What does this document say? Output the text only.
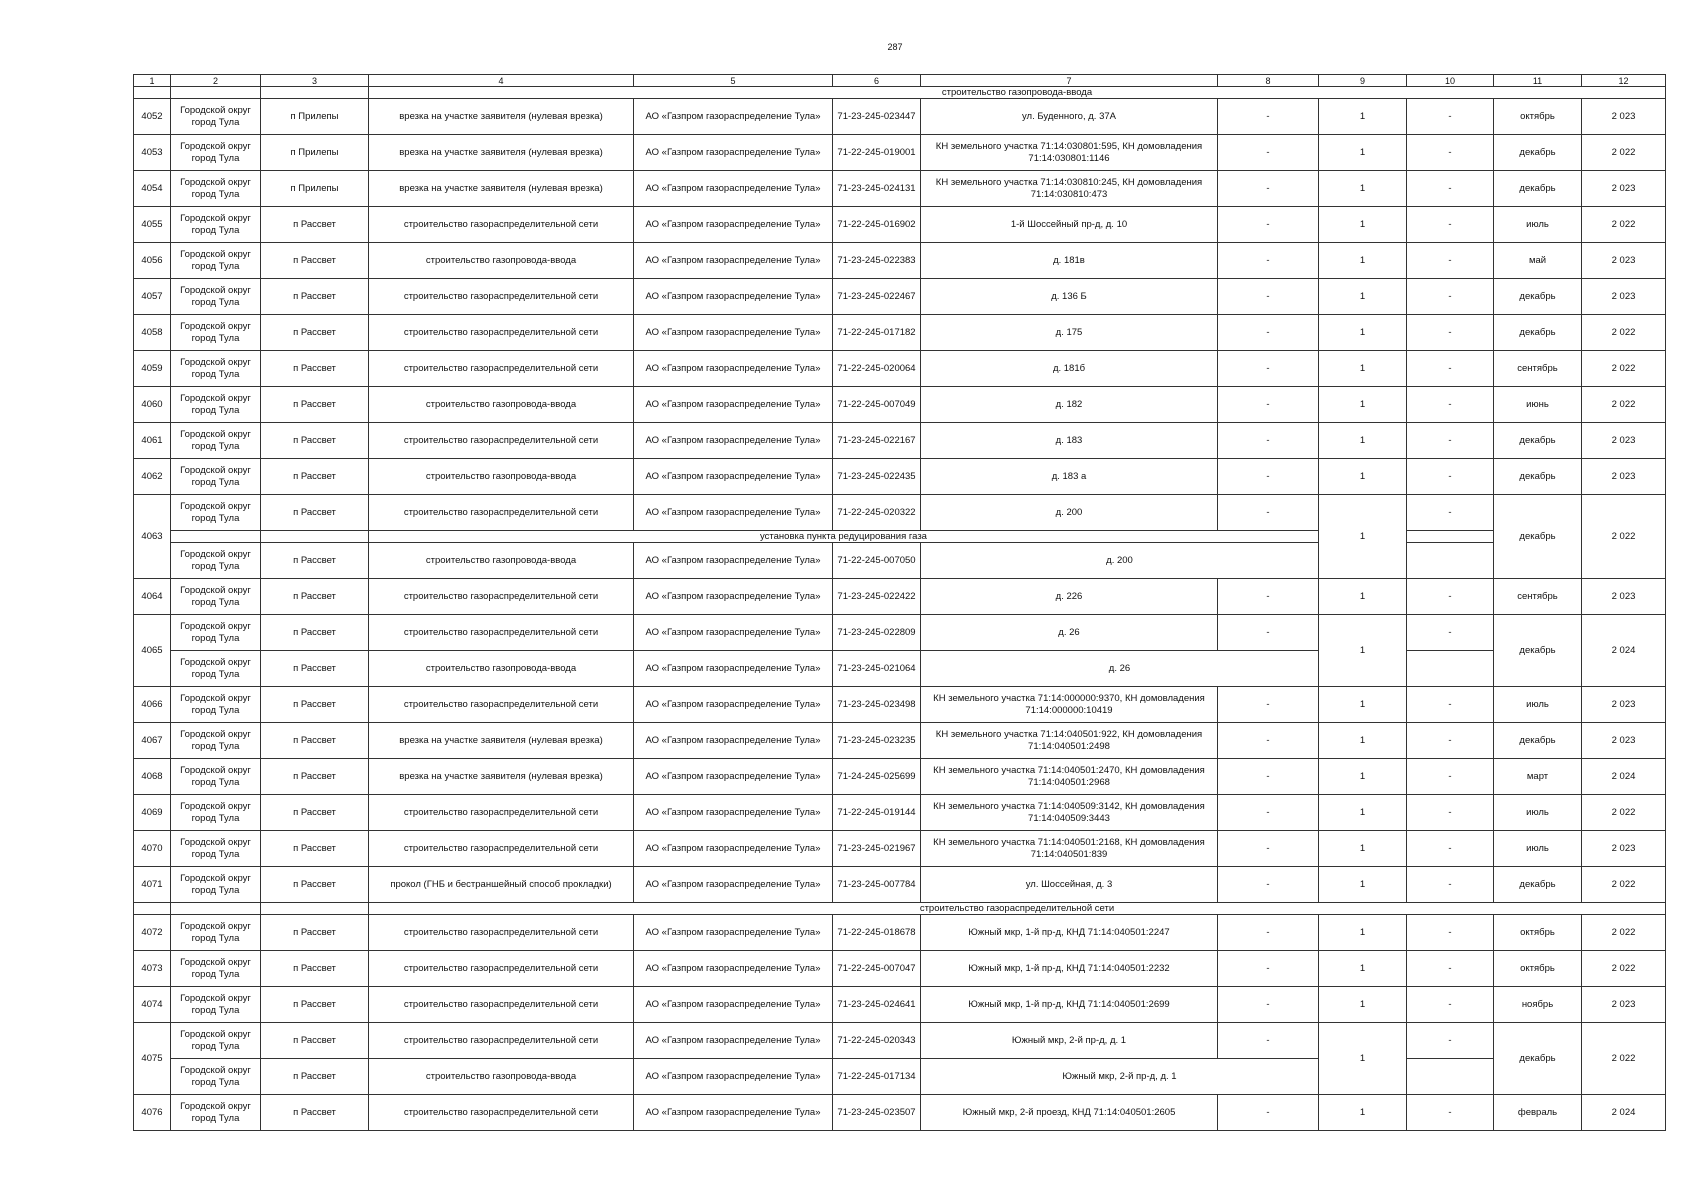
287
1	2	3	4	5	6	7	8	9	10	11	12
			строительство газопровода-ввода								
4052	Городской округ город Тула	п Прилепы	врезка на участке заявителя (нулевая врезка)	АО «Газпром газораспределение Тула»	71-23-245-023447	ул. Буденного, д. 37А	-	1	-	октябрь	2 023
4053	Городской округ город Тула	п Прилепы	врезка на участке заявителя (нулевая врезка)	АО «Газпром газораспределение Тула»	71-22-245-019001	КН земельного участка 71:14:030801:595, КН домовладения 71:14:030801:1146	-	1	-	декабрь	2 022
4054	Городской округ город Тула	п Прилепы	врезка на участке заявителя (нулевая врезка)	АО «Газпром газораспределение Тула»	71-23-245-024131	КН земельного участка 71:14:030810:245, КН домовладения 71:14:030810:473	-	1	-	декабрь	2 023
4055	Городской округ город Тула	п Рассвет	строительство газораспределительной сети	АО «Газпром газораспределение Тула»	71-22-245-016902	1-й Шоссейный пр-д, д. 10	-	1	-	июль	2 022
4056	Городской округ город Тула	п Рассвет	строительство газопровода-ввода	АО «Газпром газораспределение Тула»	71-23-245-022383	д. 181в	-	1	-	май	2 023
4057	Городской округ город Тула	п Рассвет	строительство газораспределительной сети	АО «Газпром газораспределение Тула»	71-23-245-022467	д. 136 Б	-	1	-	декабрь	2 023
4058	Городской округ город Тула	п Рассвет	строительство газораспределительной сети	АО «Газпром газораспределение Тула»	71-22-245-017182	д. 175	-	1	-	декабрь	2 022
4059	Городской округ город Тула	п Рассвет	строительство газораспределительной сети	АО «Газпром газораспределение Тула»	71-22-245-020064	д. 181б	-	1	-	сентябрь	2 022
4060	Городской округ город Тула	п Рассвет	строительство газопровода-ввода	АО «Газпром газораспределение Тула»	71-22-245-007049	д. 182	-	1	-	июнь	2 022
4061	Городской округ город Тула	п Рассвет	строительство газораспределительной сети	АО «Газпром газораспределение Тула»	71-23-245-022167	д. 183	-	1	-	декабрь	2 023
4062	Городской округ город Тула	п Рассвет	строительство газопровода-ввода	АО «Газпром газораспределение Тула»	71-23-245-022435	д. 183 а	-	1	-	декабрь	2 023
4063	Городской округ город Тула	п Рассвет	строительство газораспределительной сети	АО «Газпром газораспределение Тула»	71-22-245-020322	д. 200	-	1	-	декабрь	2 022
			установка пункта редуцирования газа								
	Городской округ город Тула	п Рассвет	строительство газопровода-ввода	АО «Газпром газораспределение Тула»	71-22-245-007050	д. 200					
4064	Городской округ город Тула	п Рассвет	строительство газораспределительной сети	АО «Газпром газораспределение Тула»	71-23-245-022422	д. 226	-	1	-	сентябрь	2 023
4065	Городской округ город Тула	п Рассвет	строительство газораспределительной сети	АО «Газпром газораспределение Тула»	71-23-245-022809	д. 26	-	1	-	декабрь	2 024
	Городской округ город Тула	п Рассвет	строительство газопровода-ввода	АО «Газпром газораспределение Тула»	71-23-245-021064	д. 26					
4066	Городской округ город Тула	п Рассвет	строительство газораспределительной сети	АО «Газпром газораспределение Тула»	71-23-245-023498	КН земельного участка 71:14:000000:9370, КН домовладения 71:14:000000:10419	-	1	-	июль	2 023
4067	Городской округ город Тула	п Рассвет	врезка на участке заявителя (нулевая врезка)	АО «Газпром газораспределение Тула»	71-23-245-023235	КН земельного участка 71:14:040501:922, КН домовладения 71:14:040501:2498	-	1	-	декабрь	2 023
4068	Городской округ город Тула	п Рассвет	врезка на участке заявителя (нулевая врезка)	АО «Газпром газораспределение Тула»	71-24-245-025699	КН земельного участка 71:14:040501:2470, КН домовладения 71:14:040501:2968	-	1	-	март	2 024
4069	Городской округ город Тула	п Рассвет	строительство газораспределительной сети	АО «Газпром газораспределение Тула»	71-22-245-019144	КН земельного участка 71:14:040509:3142, КН домовладения 71:14:040509:3443	-	1	-	июль	2 022
4070	Городской округ город Тула	п Рассвет	строительство газораспределительной сети	АО «Газпром газораспределение Тула»	71-23-245-021967	КН земельного участка 71:14:040501:2168, КН домовладения 71:14:040501:839	-	1	-	июль	2 023
4071	Городской округ город Тула	п Рассвет	прокол (ГНБ и бестраншейный способ прокладки)	АО «Газпром газораспределение Тула»	71-23-245-007784	ул. Шоссейная, д. 3	-	1	-	декабрь	2 022
			строительство газораспределительной сети								
4072	Городской округ город Тула	п Рассвет	строительство газораспределительной сети	АО «Газпром газораспределение Тула»	71-22-245-018678	Южный мкр, 1-й пр-д, КНД 71:14:040501:2247	-	1	-	октябрь	2 022
4073	Городской округ город Тула	п Рассвет	строительство газораспределительной сети	АО «Газпром газораспределение Тула»	71-22-245-007047	Южный мкр, 1-й пр-д, КНД 71:14:040501:2232	-	1	-	октябрь	2 022
4074	Городской округ город Тула	п Рассвет	строительство газораспределительной сети	АО «Газпром газораспределение Тула»	71-23-245-024641	Южный мкр, 1-й пр-д, КНД 71:14:040501:2699	-	1	-	ноябрь	2 023
4075	Городской округ город Тула	п Рассвет	строительство газораспределительной сети	АО «Газпром газораспределение Тула»	71-22-245-020343	Южный мкр, 2-й пр-д, д. 1	-	1	-	декабрь	2 022
	Городской округ город Тула	п Рассвет	строительство газопровода-ввода	АО «Газпром газораспределение Тула»	71-22-245-017134	Южный мкр, 2-й пр-д, д. 1					
4076	Городской округ город Тула	п Рассвет	строительство газораспределительной сети	АО «Газпром газораспределение Тула»	71-23-245-023507	Южный мкр, 2-й проезд, КНД 71:14:040501:2605	-	1	-	февраль	2 024
